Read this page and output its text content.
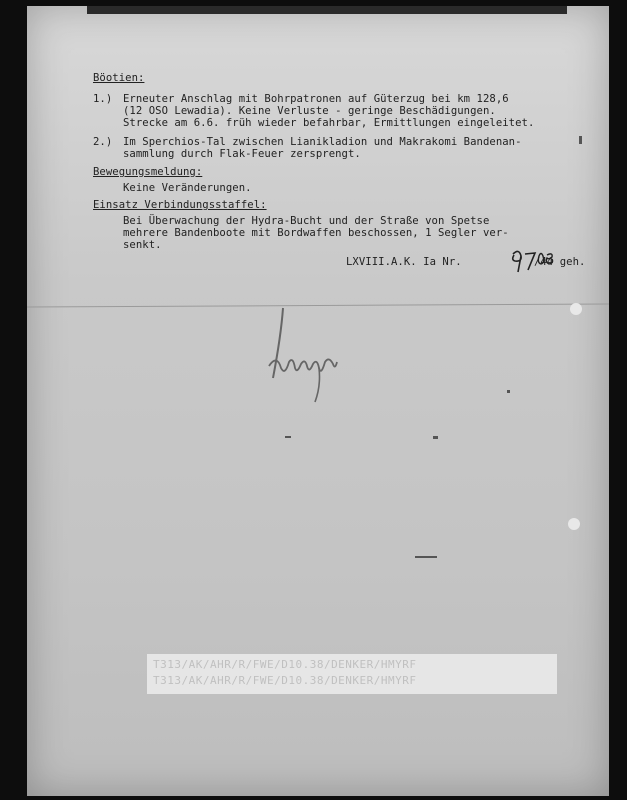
Böotien:
1.) Erneuter Anschlag mit Bohrpatronen auf Güterzug bei km 128,6
(12 OSO Lewadia). Keine Verluste - geringe Beschädigungen.
Strecke am 6.6. früh wieder befahrbar, Ermittlungen eingeleitet.
2.) Im Sperchios-Tal zwischen Lianikladion und Makrakomi Bandenan-
sammlung durch Flak-Feuer zersprengt.
Bewegungsmeldung:
Keine Veränderungen.
Einsatz Verbindungsstaffel:
Bei Überwachung der Hydra-Bucht und der Straße von Spetse
mehrere Bandenboote mit Bordwaffen beschossen, 1 Segler ver-
senkt.
LXVIII.A.K. Ia Nr.	/44 geh.
T313/AK/AHR/R/FWE/D10.38/DENKER/HMYRF
T313/AK/AHR/R/FWE/D10.38/DENKER/HMYRF
